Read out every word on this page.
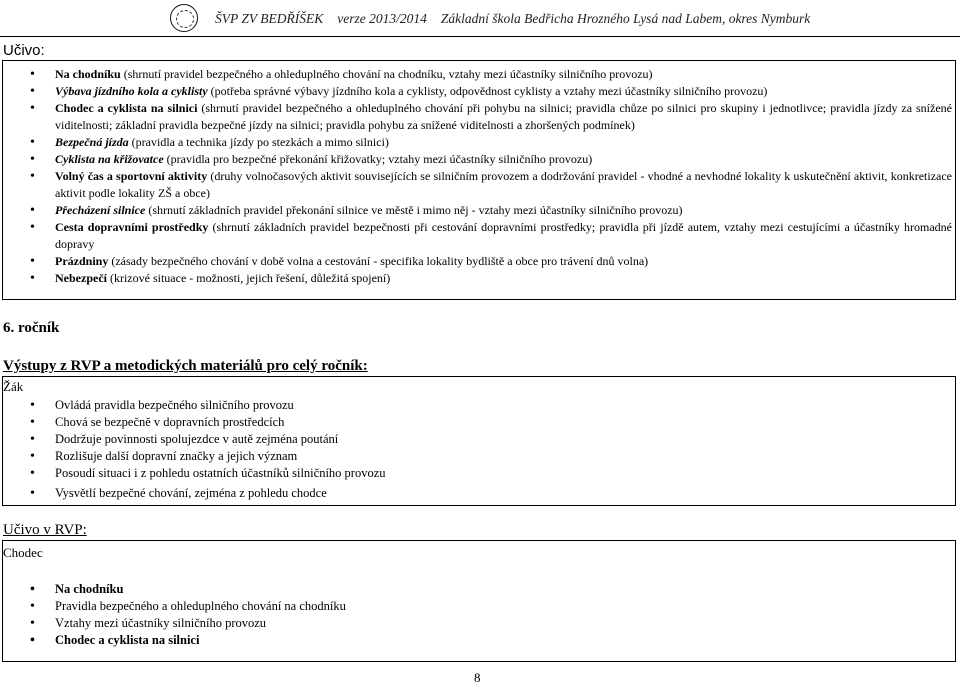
ŠVP ZV BEDŘÍŠEK verze 2013/2014 Základní škola Bedřicha Hrozného Lysá nad Labem, okres Nymburk
Učivo:
• Na chodníku (shrnutí pravidel bezpečného a ohleduplného chování na chodníku, vztahy mezi účastníky silničního provozu)
• Výbava jízdního kola a cyklisty (potřeba správné výbavy jízdního kola a cyklisty, odpovědnost cyklisty a vztahy mezi účastníky silničního provozu)
• Chodec a cyklista na silnici (shrnutí pravidel bezpečného a ohleduplného chování při pohybu na silnici; pravidla chůze po silnici pro skupiny i jednotlivce; pravidla jízdy za snížené viditelnosti; základní pravidla bezpečné jízdy na silnici; pravidla pohybu za snížené viditelnosti a zhoršených podmínek)
• Bezpečná jízda (pravidla a technika jízdy po stezkách a mimo silnici)
• Cyklista na křižovatce (pravidla pro bezpečné překonání křižovatky; vztahy mezi účastníky silničního provozu)
• Volný čas a sportovní aktivity (druhy volnočasových aktivit souvisejících se silničním provozem a dodržování pravidel - vhodné a nevhodné lokality k uskutečnění aktivit, konkretizace aktivit podle lokality ZŠ a obce)
• Přecházení silnice (shrnutí základních pravidel překonání silnice ve městě i mimo něj - vztahy mezi účastníky silničního provozu)
• Cesta dopravními prostředky (shrnutí základních pravidel bezpečnosti při cestování dopravními prostředky; pravidla při jízdě autem, vztahy mezi cestujícími a účastníky hromadné dopravy
• Prázdniny (zásady bezpečného chování v době volna a cestování - specifika lokality bydliště a obce pro trávení dnů volna)
• Nebezpečí (krizové situace - možnosti, jejich řešení, důležitá spojení)
6. ročník
Výstupy z RVP a metodických materiálů pro celý ročník:
Žák
• Ovládá pravidla bezpečného silničního provozu
• Chová se bezpečně v dopravních prostředcích
• Dodržuje povinnosti spolujezdce v autě zejména poutání
• Rozlišuje další dopravní značky a jejich význam
• Posoudí situaci i z pohledu ostatních účastníků silničního provozu
• Vysvětlí bezpečné chování, zejména z pohledu chodce
Učivo v RVP:
Chodec
• Na chodníku
• Pravidla bezpečného a ohleduplného chování na chodníku
• Vztahy mezi účastníky silničního provozu
• Chodec a cyklista na silnici
8
